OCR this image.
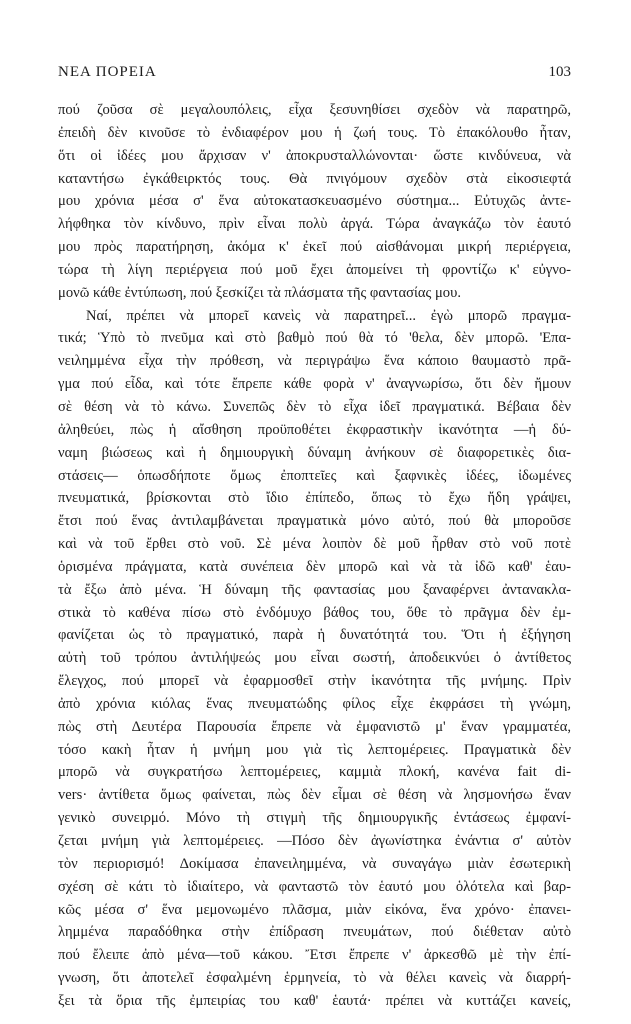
ΝΕΑ ΠΟΡΕΙΑ	103
πού ζοῦσα σὲ μεγαλουπόλεις, εἶχα ξεσυνηθίσει σχεδὸν νὰ παρατηρῶ,
ἐπειδὴ δὲν κινοῦσε τὸ ἐνδιαφέρον μου ἡ ζωή τους. Τὸ ἐπακόλουθο ἦταν,
ὅτι οἱ ἰδέες μου ἄρχισαν ν' ἀποκρυσταλλώνονται· ὥστε κινδύνευα, νὰ
καταντήσω ἐγκάθειρκτός τους. Θὰ πνιγόμουν σχεδὸν στὰ εἰκοσιεφτά
μου χρόνια μέσα σ' ἕνα αὐτοκατασκευασμένο σύστημα... Εὐτυχῶς ἀντε-
λήφθηκα τὸν κίνδυνο, πρὶν εἶναι πολὺ ἀργά. Τώρα ἀναγκάζω τὸν ἑαυτό
μου πρὸς παρατήρηση, ἀκόμα κ' ἐκεῖ πού αἰσθάνομαι μικρή περιέργεια,
τώρα τὴ λίγη περιέργεια πού μοῦ ἔχει ἀπομείνει τὴ φροντίζω κ' εὐγνο-
μονῶ κάθε ἐντύπωση, πού ξεσκίζει τὰ πλάσματα τῆς φαντασίας μου.
Ναί, πρέπει νὰ μπορεῖ κανεὶς νὰ παρατηρεῖ... ἐγὼ μπορῶ πραγμα-
τικά; Ὑπὸ τὸ πνεῦμα καὶ στὸ βαθμὸ πού θὰ τό 'θελα, δὲν μπορῶ. 'Επα-
νειλημμένα εἶχα τὴν πρόθεση, νὰ περιγράψω ἕνα κάποιο θαυμαστὸ πρᾶ-
γμα πού εἶδα, καὶ τότε ἔπρεπε κάθε φορὰ ν' ἀναγνωρίσω, ὅτι δὲν ἤμουν
σὲ θέση νὰ τὸ κάνω. Συνεπῶς δὲν τὸ εἶχα ἰδεῖ πραγματικά. Βέβαια δὲν
ἀληθεύει, πὼς ἡ αἴσθηση προϋποθέτει ἐκφραστικὴν ἱκανότητα —ἡ δύ-
ναμη βιώσεως καὶ ἡ δημιουργικὴ δύναμη ἀνήκουν σὲ διαφορετικὲς δια-
στάσεις— ὁπωσδήποτε ὅμως ἐποπτεῖες καὶ ξαφνικὲς ἰδέες, ἰδωμένες
πνευματικά, βρίσκονται στὸ ἴδιο ἐπίπεδο, ὅπως τὸ ἔχω ἤδη γράψει,
ἔτσι πού ἕνας ἀντιλαμβάνεται πραγματικὰ μόνο αὐτό, πού θὰ μποροῦσε
καὶ νὰ τοῦ ἔρθει στὸ νοῦ. Σὲ μένα λοιπὸν δὲ μοῦ ἦρθαν στὸ νοῦ ποτὲ
ὁρισμένα πράγματα, κατὰ συνέπεια δὲν μπορῶ καὶ νὰ τὰ ἰδῶ καθ' ἑαυ-
τὰ ἔξω ἀπὸ μένα. Ἡ δύναμη τῆς φαντασίας μου ξαναφέρνει ἀντανακλα-
στικὰ τὸ καθένα πίσω στὸ ἐνδόμυχο βάθος του, ὅθε τὸ πρᾶγμα δὲν ἐμ-
φανίζεται ὡς τὸ πραγματικό, παρὰ ἡ δυνατότητά του. Ὅτι ἡ ἐξήγηση
αὐτὴ τοῦ τρόπου ἀντιλήψεώς μου εἶναι σωστή, ἀποδεικνύει ὁ ἀντίθετος
ἔλεγχος, πού μπορεῖ νὰ ἐφαρμοσθεῖ στὴν ἱκανότητα τῆς μνήμης. Πρὶν
ἀπὸ χρόνια κιόλας ἕνας πνευματώδης φίλος εἶχε ἐκφράσει τὴ γνώμη,
πὼς στὴ Δευτέρα Παρουσία ἔπρεπε νὰ ἐμφανιστῶ μ' ἕναν γραμματέα,
τόσο κακὴ ἦταν ἡ μνήμη μου γιὰ τὶς λεπτομέρειες. Πραγματικὰ δὲν
μπορῶ νὰ συγκρατήσω λεπτομέρειες, καμμιὰ πλοκή, κανένα fait di-
vers· ἀντίθετα ὅμως φαίνεται, πὼς δὲν εἶμαι σὲ θέση νὰ λησμονήσω ἕναν
γενικὸ συνειρμό. Μόνο τὴ στιγμὴ τῆς δημιουργικῆς ἐντάσεως ἐμφανί-
ζεται μνήμη γιὰ λεπτομέρειες. —Πόσο δὲν ἀγωνίστηκα ἐνάντια σ' αὐτὸν
τὸν περιορισμό! Δοκίμασα ἐπανειλημμένα, νὰ συναγάγω μιὰν ἐσωτερικὴ
σχέση σὲ κάτι τὸ ἰδιαίτερο, νὰ φανταστῶ τὸν ἑαυτό μου ὁλότελα καὶ βαρ-
κῶς μέσα σ' ἕνα μεμονωμένο πλᾶσμα, μιὰν εἰκόνα, ἕνα χρόνο· ἐπανει-
λημμένα παραδόθηκα στὴν ἐπίδραση πνευμάτων, πού διέθεταν αὐτὸ
πού ἔλειπε ἀπὸ μένα—τοῦ κάκου. Ἔτσι ἔπρεπε ν' ἀρκεσθῶ μὲ τὴν ἐπί-
γνωση, ὅτι ἀποτελεῖ ἐσφαλμένη ἑρμηνεία, τὸ νὰ θέλει κανεὶς νὰ διαρρή-
ξει τὰ ὅρια τῆς ἐμπειρίας του καθ' ἑαυτά· πρέπει νὰ κυττάζει κανείς,
